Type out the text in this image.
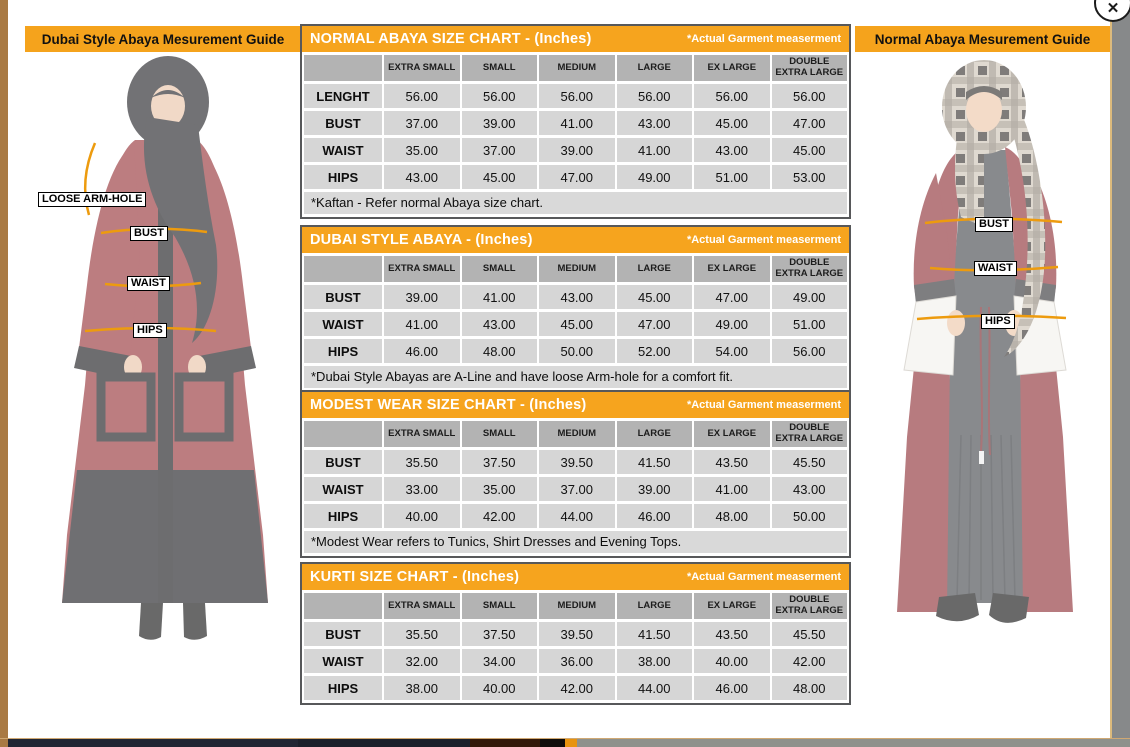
✕
Dubai Style Abaya Mesurement Guide	Normal Abaya Mesurement Guide
LOOSE ARM-HOLE
BUST
WAIST
HIPS
BUST
WAIST
HIPS
NORMAL ABAYA SIZE CHART - (Inches)	*Actual Garment measerment
	EXTRA SMALL	SMALL	MEDIUM	LARGE	EX LARGE	DOUBLE EXTRA LARGE
LENGHT	56.00	56.00	56.00	56.00	56.00	56.00
BUST	37.00	39.00	41.00	43.00	45.00	47.00
WAIST	35.00	37.00	39.00	41.00	43.00	45.00
HIPS	43.00	45.00	47.00	49.00	51.00	53.00
*Kaftan - Refer normal Abaya size chart.
DUBAI STYLE ABAYA - (Inches)	*Actual Garment measerment
	EXTRA SMALL	SMALL	MEDIUM	LARGE	EX LARGE	DOUBLE EXTRA LARGE
BUST	39.00	41.00	43.00	45.00	47.00	49.00
WAIST	41.00	43.00	45.00	47.00	49.00	51.00
HIPS	46.00	48.00	50.00	52.00	54.00	56.00
*Dubai Style Abayas are A-Line and have loose Arm-hole for a comfort fit.
MODEST WEAR SIZE CHART - (Inches)	*Actual Garment measerment
	EXTRA SMALL	SMALL	MEDIUM	LARGE	EX LARGE	DOUBLE EXTRA LARGE
BUST	35.50	37.50	39.50	41.50	43.50	45.50
WAIST	33.00	35.00	37.00	39.00	41.00	43.00
HIPS	40.00	42.00	44.00	46.00	48.00	50.00
*Modest Wear refers to Tunics, Shirt Dresses and Evening Tops.
KURTI SIZE CHART - (Inches)	*Actual Garment measerment
	EXTRA SMALL	SMALL	MEDIUM	LARGE	EX LARGE	DOUBLE EXTRA LARGE
BUST	35.50	37.50	39.50	41.50	43.50	45.50
WAIST	32.00	34.00	36.00	38.00	40.00	42.00
HIPS	38.00	40.00	42.00	44.00	46.00	48.00
